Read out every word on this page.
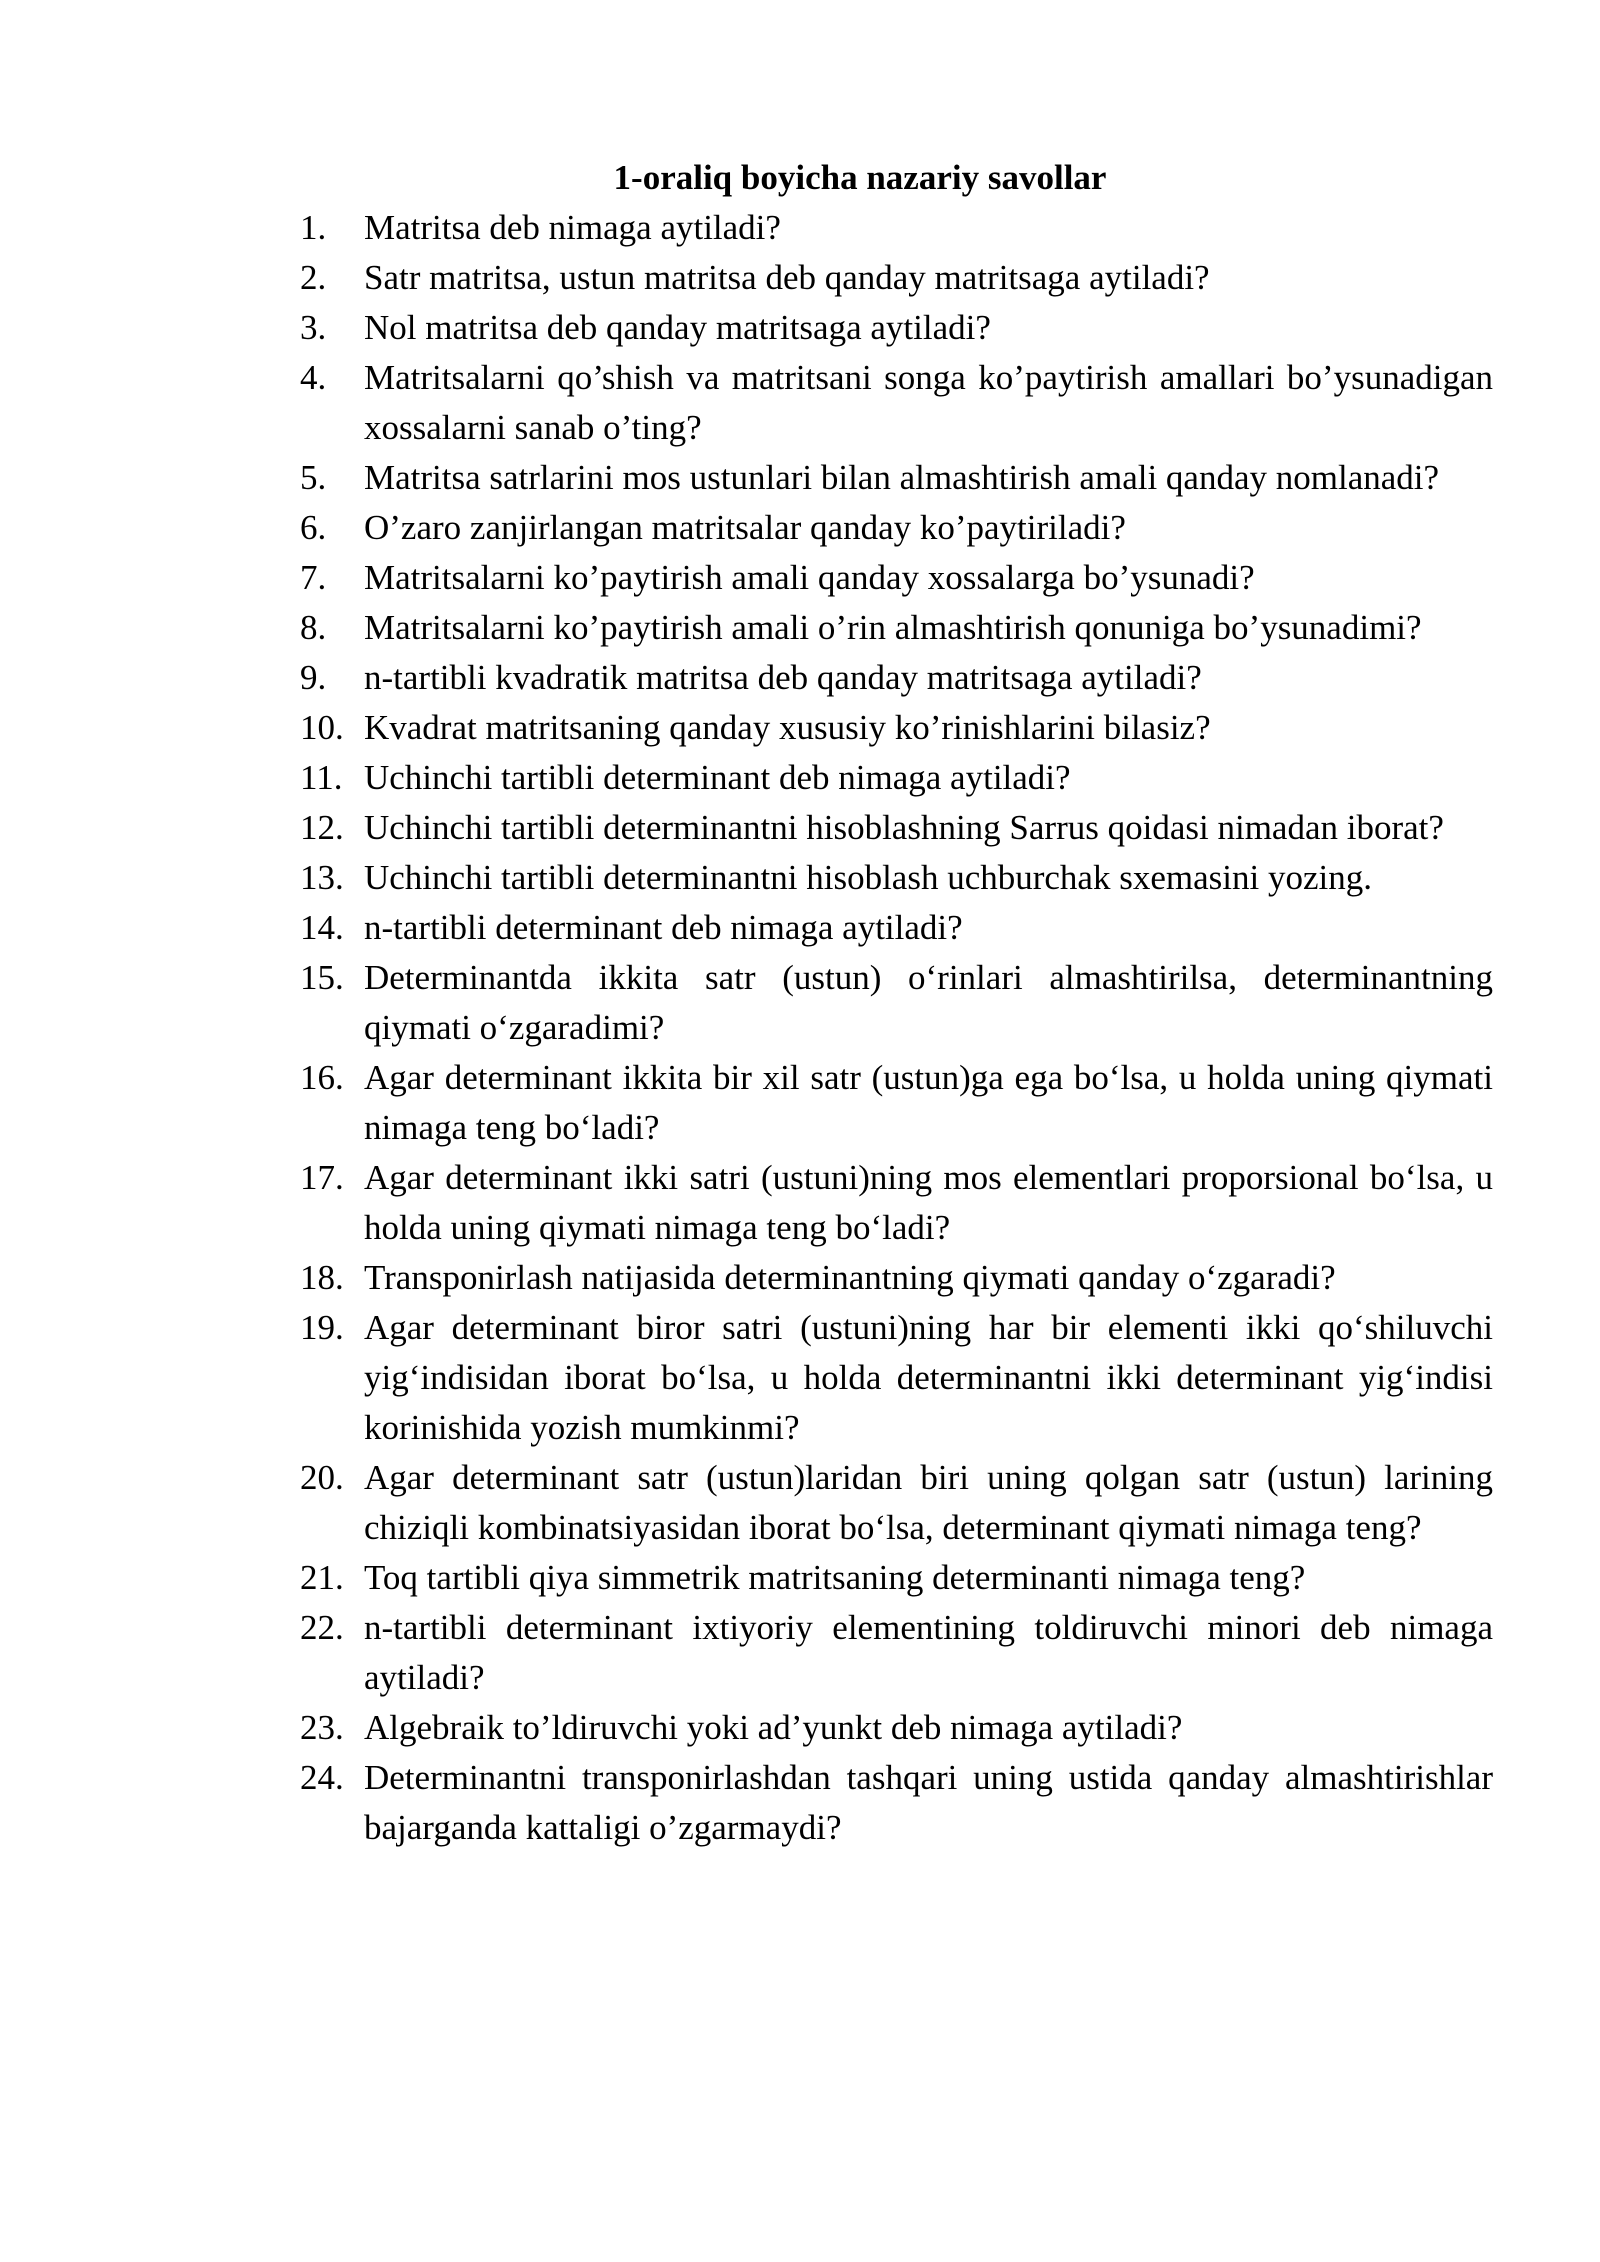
1-oraliq boyicha nazariy savollar
1.	Matritsa deb nimaga aytiladi?
2.	Satr matritsa, ustun matritsa deb qanday matritsaga aytiladi?
3.	Nol matritsa deb qanday matritsaga aytiladi?
4.	Matritsalarni qo’shish va matritsani songa ko’paytirish amallari bo’ysunadigan xossalarni sanab o’ting?
5.	Matritsa satrlarini mos ustunlari bilan almashtirish amali qanday nomlanadi?
6.	O’zaro zanjirlangan matritsalar qanday ko’paytiriladi?
7.	Matritsalarni ko’paytirish amali qanday xossalarga bo’ysunadi?
8.	Matritsalarni ko’paytirish amali o’rin almashtirish qonuniga bo’ysunadimi?
9.	n-tartibli kvadratik matritsa deb qanday matritsaga aytiladi?
10. Kvadrat matritsaning qanday xususiy ko’rinishlarini bilasiz?
11. Uchinchi tartibli determinant deb nimaga aytiladi?
12. Uchinchi tartibli determinantni hisoblashning Sarrus qoidasi nimadan iborat?
13. Uchinchi tartibli determinantni hisoblash uchburchak sxemasini yozing.
14. n-tartibli determinant deb nimaga aytiladi?
15. Determinantda ikkita satr (ustun) o‘rinlari almashtirilsa, determinantning qiymati o‘zgaradimi?
16. Agar determinant ikkita bir xil satr (ustun)ga ega bo‘lsa, u holda uning qiymati nimaga teng bo‘ladi?
17. Agar determinant ikki satri (ustuni)ning mos elementlari proporsional bo‘lsa, u holda uning qiymati nimaga teng bo‘ladi?
18. Transponirlash natijasida determinantning qiymati qanday o‘zgaradi?
19. Agar determinant biror satri (ustuni)ning har bir elementi ikki qo‘shiluvchi yig‘indisidan iborat bo‘lsa, u holda determinantni ikki determinant yig‘indisi korinishida yozish mumkinmi?
20. Agar determinant satr (ustun)laridan biri uning qolgan satr (ustun) larining chiziqli kombinatsiyasidan iborat bo‘lsa, determinant qiymati nimaga teng?
21. Toq tartibli qiya simmetrik matritsaning determinanti nimaga teng?
22. n-tartibli determinant ixtiyoriy elementining toldiruvchi minori deb nimaga aytiladi?
23. Algebraik to’ldiruvchi yoki ad’yunkt deb nimaga aytiladi?
24. Determinantni transponirlashdan tashqari uning ustida qanday almashtirishlar bajarganda kattaligi o’zgarmaydi?
